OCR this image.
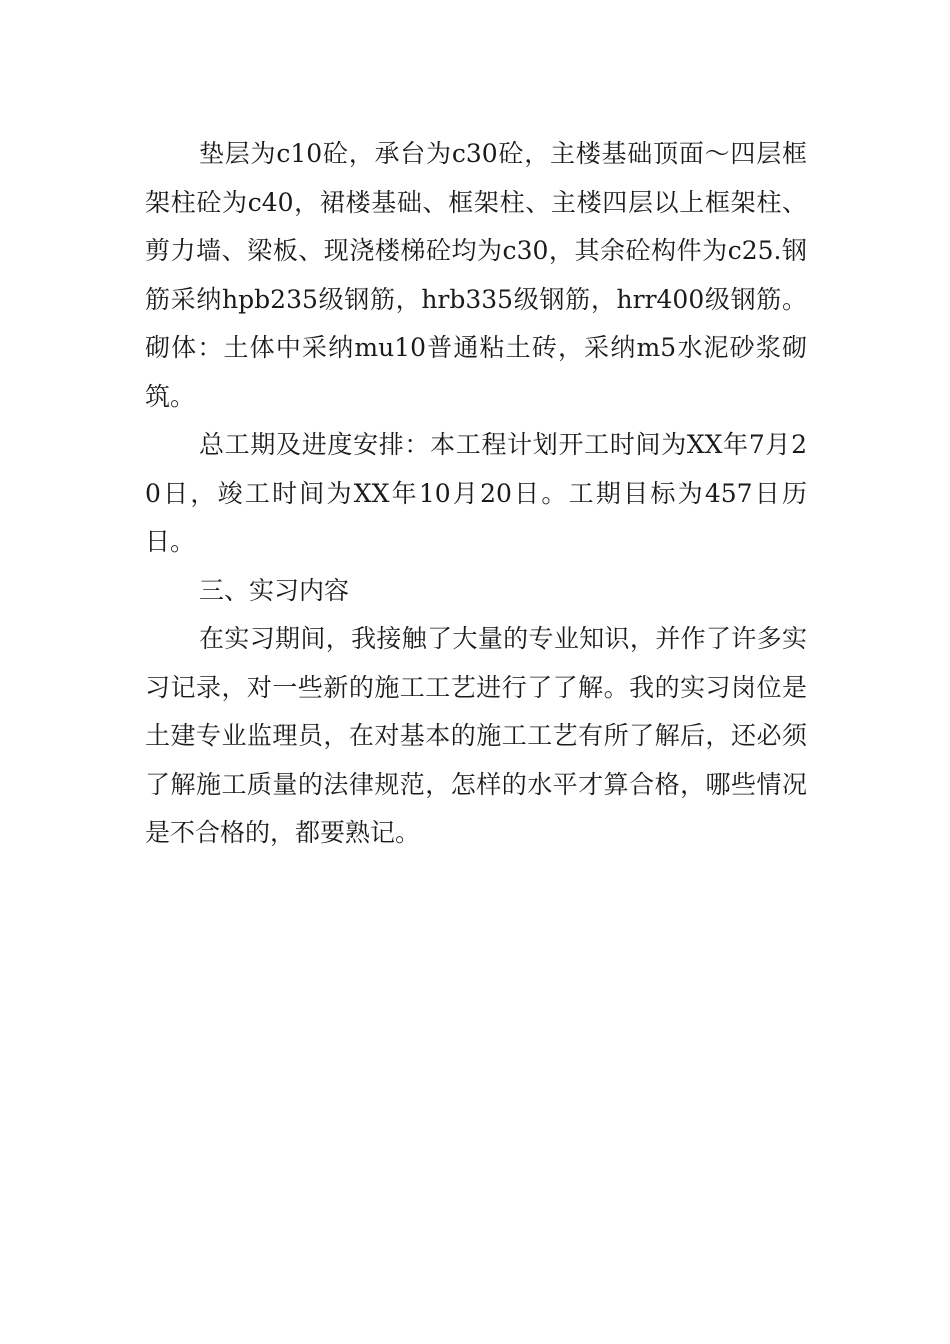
垫层为c10砼，承台为c30砼，主楼基础顶面～四层框架柱砼为c40，裙楼基础、框架柱、主楼四层以上框架柱、剪力墙、梁板、现浇楼梯砼均为c30，其余砼构件为c25.钢筋采纳hpb235级钢筋，hrb335级钢筋，hrr400级钢筋。砌体：土体中采纳mu10普通粘土砖，采纳m5水泥砂浆砌筑。

总工期及进度安排：本工程计划开工时间为XX年7月20日，竣工时间为XX年10月20日。工期目标为457日历日。

三、实习内容

在实习期间，我接触了大量的专业知识，并作了许多实习记录，对一些新的施工工艺进行了了解。我的实习岗位是土建专业监理员，在对基本的施工工艺有所了解后，还必须了解施工质量的法律规范，怎样的水平才算合格，哪些情况是不合格的，都要熟记。
